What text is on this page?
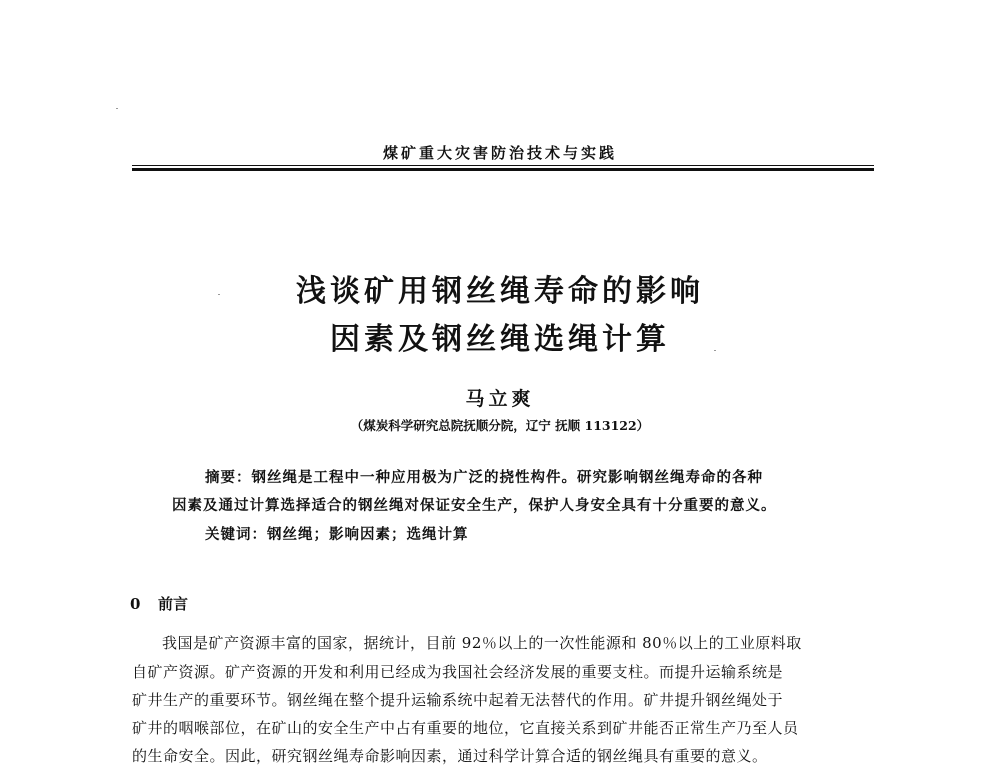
煤矿重大灾害防治技术与实践
浅谈矿用钢丝绳寿命的影响
因素及钢丝绳选绳计算
马立爽
（煤炭科学研究总院抚顺分院，辽宁 抚顺 113122）
摘要：钢丝绳是工程中一种应用极为广泛的挠性构件。研究影响钢丝绳寿命的各种
因素及通过计算选择适合的钢丝绳对保证安全生产，保护人身安全具有十分重要的意义。
关键词：钢丝绳；影响因素；选绳计算
0 前言
我国是矿产资源丰富的国家，据统计，目前 92％以上的一次性能源和 80％以上的工业原料取
自矿产资源。矿产资源的开发和利用已经成为我国社会经济发展的重要支柱。而提升运输系统是
矿井生产的重要环节。钢丝绳在整个提升运输系统中起着无法替代的作用。矿井提升钢丝绳处于
矿井的咽喉部位，在矿山的安全生产中占有重要的地位，它直接关系到矿井能否正常生产乃至人员
的生命安全。因此，研究钢丝绳寿命影响因素，通过科学计算合适的钢丝绳具有重要的意义。
